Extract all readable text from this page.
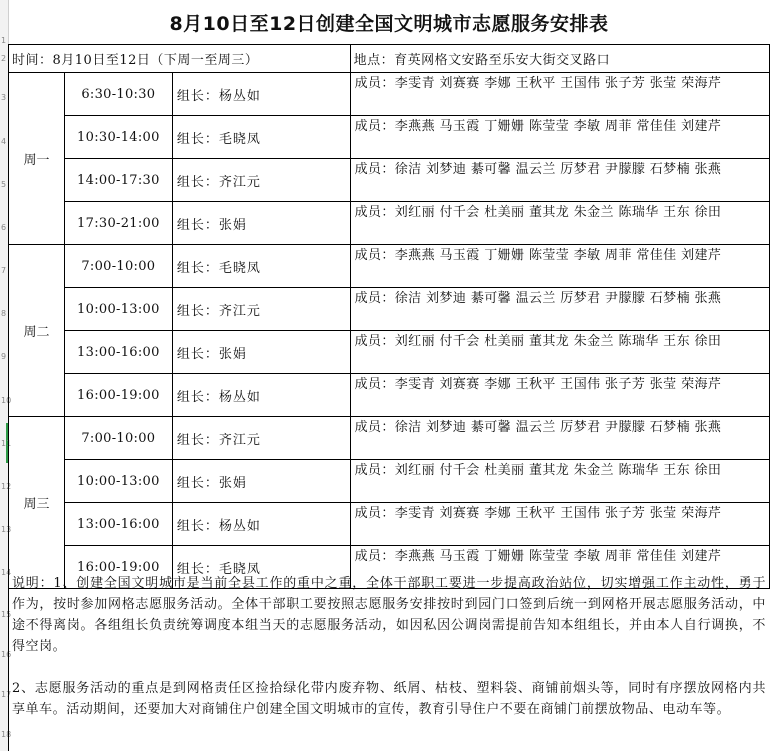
1
2
3
4
5
6
7
8
9
10
11
12
13
14
15
16
17
18
8月10日至12日创建全国文明城市志愿服务安排表
时间：8月10日至12日（下周一至周三）			地点：育英网格文安路至乐安大街交叉路口
周一	6:30-10:30	组长：杨丛如	成员：李雯青 刘赛赛 李娜 王秋平 王国伟 张子芳 张莹 荣海芹

	10:30-14:00	组长：毛晓凤	成员：李燕燕 马玉霞 丁姗姗 陈莹莹 李敏 周菲 常佳佳 刘建芹

	14:00-17:30	组长：齐江元	成员：徐洁 刘梦迪 綦可馨 温云兰 厉梦君 尹朦朦 石梦楠 张燕

	17:30-21:00	组长：张娟	成员：刘红丽 付千会 杜美丽 董其龙 朱金兰 陈瑞华 王东 徐田

周二	7:00-10:00	组长：毛晓凤	成员：李燕燕 马玉霞 丁姗姗 陈莹莹 李敏 周菲 常佳佳 刘建芹

	10:00-13:00	组长：齐江元	成员：徐洁 刘梦迪 綦可馨 温云兰 厉梦君 尹朦朦 石梦楠 张燕

	13:00-16:00	组长：张娟	成员：刘红丽 付千会 杜美丽 董其龙 朱金兰 陈瑞华 王东 徐田

	16:00-19:00	组长：杨丛如	成员：李雯青 刘赛赛 李娜 王秋平 王国伟 张子芳 张莹 荣海芹

周三	7:00-10:00	组长：齐江元	成员：徐洁 刘梦迪 綦可馨 温云兰 厉梦君 尹朦朦 石梦楠 张燕

	10:00-13:00	组长：张娟	成员：刘红丽 付千会 杜美丽 董其龙 朱金兰 陈瑞华 王东 徐田

	13:00-16:00	组长：杨丛如	成员：李雯青 刘赛赛 李娜 王秋平 王国伟 张子芳 张莹 荣海芹

	16:00-19:00	组长：毛晓凤	成员：李燕燕 马玉霞 丁姗姗 陈莹莹 李敏 周菲 常佳佳 刘建芹

说明：1、创建全国文明城市是当前全县工作的重中之重，全体干部职工要进一步提高政治站位，切实增强工作主动性，勇于作为，按时参加网格志愿服务活动。全体干部职工要按照志愿服务安排按时到园门口签到后统一到网格开展志愿服务活动，中途不得离岗。各组组长负责统筹调度本组当天的志愿服务活动，如因私因公调岗需提前告知本组组长，并由本人自行调换，不得空岗。

2、志愿服务活动的重点是到网格责任区捡拾绿化带内废弃物、纸屑、枯枝、塑料袋、商铺前烟头等，同时有序摆放网格内共享单车。活动期间，还要加大对商铺住户创建全国文明城市的宣传，教育引导住户不要在商铺门前摆放物品、电动车等。
